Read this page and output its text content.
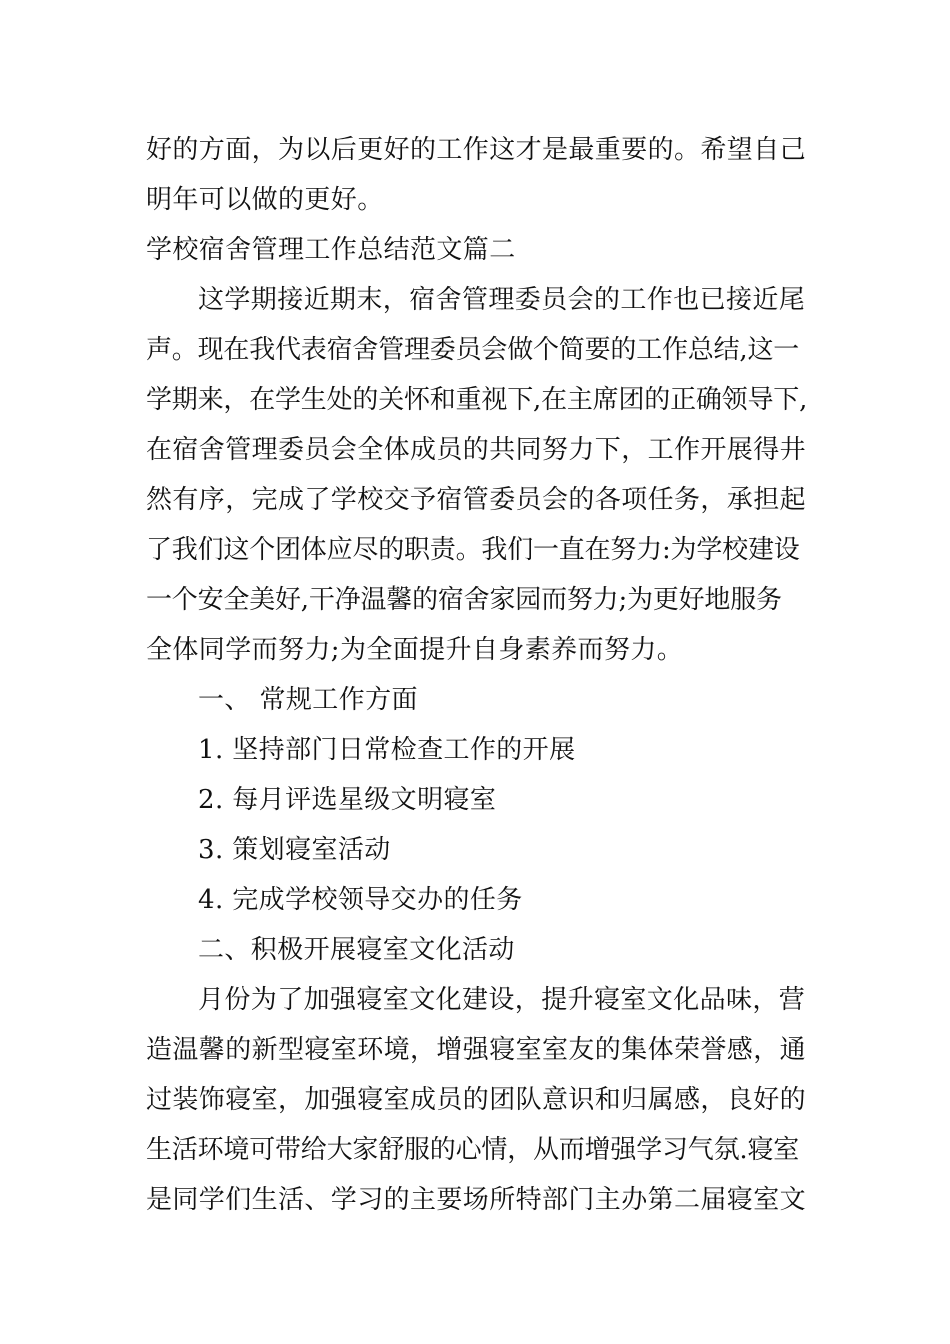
好的方面，为以后更好的工作这才是最重要的。希望自己
明年可以做的更好。
学校宿舍管理工作总结范文篇二
这学期接近期末，宿舍管理委员会的工作也已接近尾
声。现在我代表宿舍管理委员会做个简要的工作总结,这一
学期来，在学生处的关怀和重视下,在主席团的正确领导下,
在宿舍管理委员会全体成员的共同努力下，工作开展得井
然有序，完成了学校交予宿管委员会的各项任务，承担起
了我们这个团体应尽的职责。我们一直在努力:为学校建设
一个安全美好,干净温馨的宿舍家园而努力;为更好地服务
全体同学而努力;为全面提升自身素养而努力。
一、 常规工作方面
1. 坚持部门日常检查工作的开展
2. 每月评选星级文明寝室
3. 策划寝室活动
4. 完成学校领导交办的任务
二、积极开展寝室文化活动
月份为了加强寝室文化建设，提升寝室文化品味，营
造温馨的新型寝室环境，增强寝室室友的集体荣誉感，通
过装饰寝室，加强寝室成员的团队意识和归属感，良好的
生活环境可带给大家舒服的心情，从而增强学习气氛.寝室
是同学们生活、学习的主要场所特部门主办第二届寝室文
